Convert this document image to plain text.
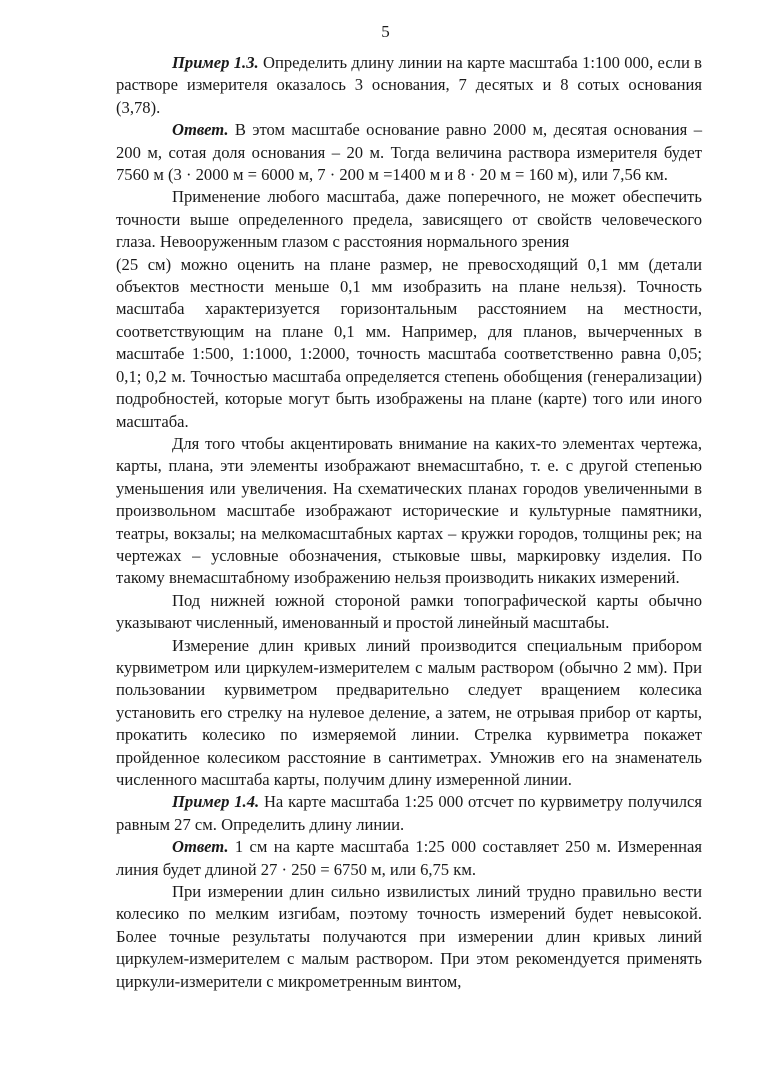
5

Пример 1.3. Определить длину линии на карте масштаба 1:100 000, если в растворе измерителя оказалось 3 основания, 7 десятых и 8 сотых основания (3,78).

Ответ. В этом масштабе основание равно 2000 м, десятая основания – 200 м, сотая доля основания – 20 м. Тогда величина раствора измерителя будет 7560 м (3 · 2000 м = 6000 м, 7 · 200 м =1400 м и 8 · 20 м = 160 м), или 7,56 км.

Применение любого масштаба, даже поперечного, не может обеспечить точности выше определенного предела, зависящего от свойств человеческого глаза. Невооруженным глазом с расстояния нормального зрения

(25 см) можно оценить на плане размер, не превосходящий 0,1 мм (детали объектов местности меньше 0,1 мм изобразить на плане нельзя). Точность масштаба характеризуется горизонтальным расстоянием на местности, соответствующим на плане 0,1 мм. Например, для планов, вычерченных в масштабе 1:500, 1:1000, 1:2000, точность масштаба соответственно равна 0,05; 0,1; 0,2 м. Точностью масштаба определяется степень обобщения (генерализации) подробностей, которые могут быть изображены на плане (карте) того или иного масштаба.

Для того чтобы акцентировать внимание на каких-то элементах чертежа, карты, плана, эти элементы изображают внемасштабно, т. е. с другой степенью уменьшения или увеличения. На схематических планах городов увеличенными в произвольном масштабе изображают исторические и культурные памятники, театры, вокзалы; на мелкомасштабных картах – кружки городов, толщины рек; на чертежах – условные обозначения, стыковые швы, маркировку изделия. По такому внемасштабному изображению нельзя производить никаких измерений.

Под нижней южной стороной рамки топографической карты обычно указывают численный, именованный и простой линейный масштабы.

Измерение длин кривых линий производится специальным прибором курвиметром или циркулем-измерителем с малым раствором (обычно 2 мм). При пользовании курвиметром предварительно следует вращением колесика установить его стрелку на нулевое деление, а затем, не отрывая прибор от карты, прокатить колесико по измеряемой линии. Стрелка курвиметра покажет пройденное колесиком расстояние в сантиметрах. Умножив его на знаменатель численного масштаба карты, получим длину измеренной линии.

Пример 1.4. На карте масштаба 1:25 000 отсчет по курвиметру получился равным 27 см. Определить длину линии.

Ответ. 1 см на карте масштаба 1:25 000 составляет 250 м. Измеренная линия будет длиной 27 · 250 = 6750 м, или 6,75 км.

При измерении длин сильно извилистых линий трудно правильно вести колесико по мелким изгибам, поэтому точность измерений будет невысокой. Более точные результаты получаются при измерении длин кривых линий циркулем-измерителем с малым раствором. При этом рекомендуется применять циркули-измерители с микрометренным винтом,
